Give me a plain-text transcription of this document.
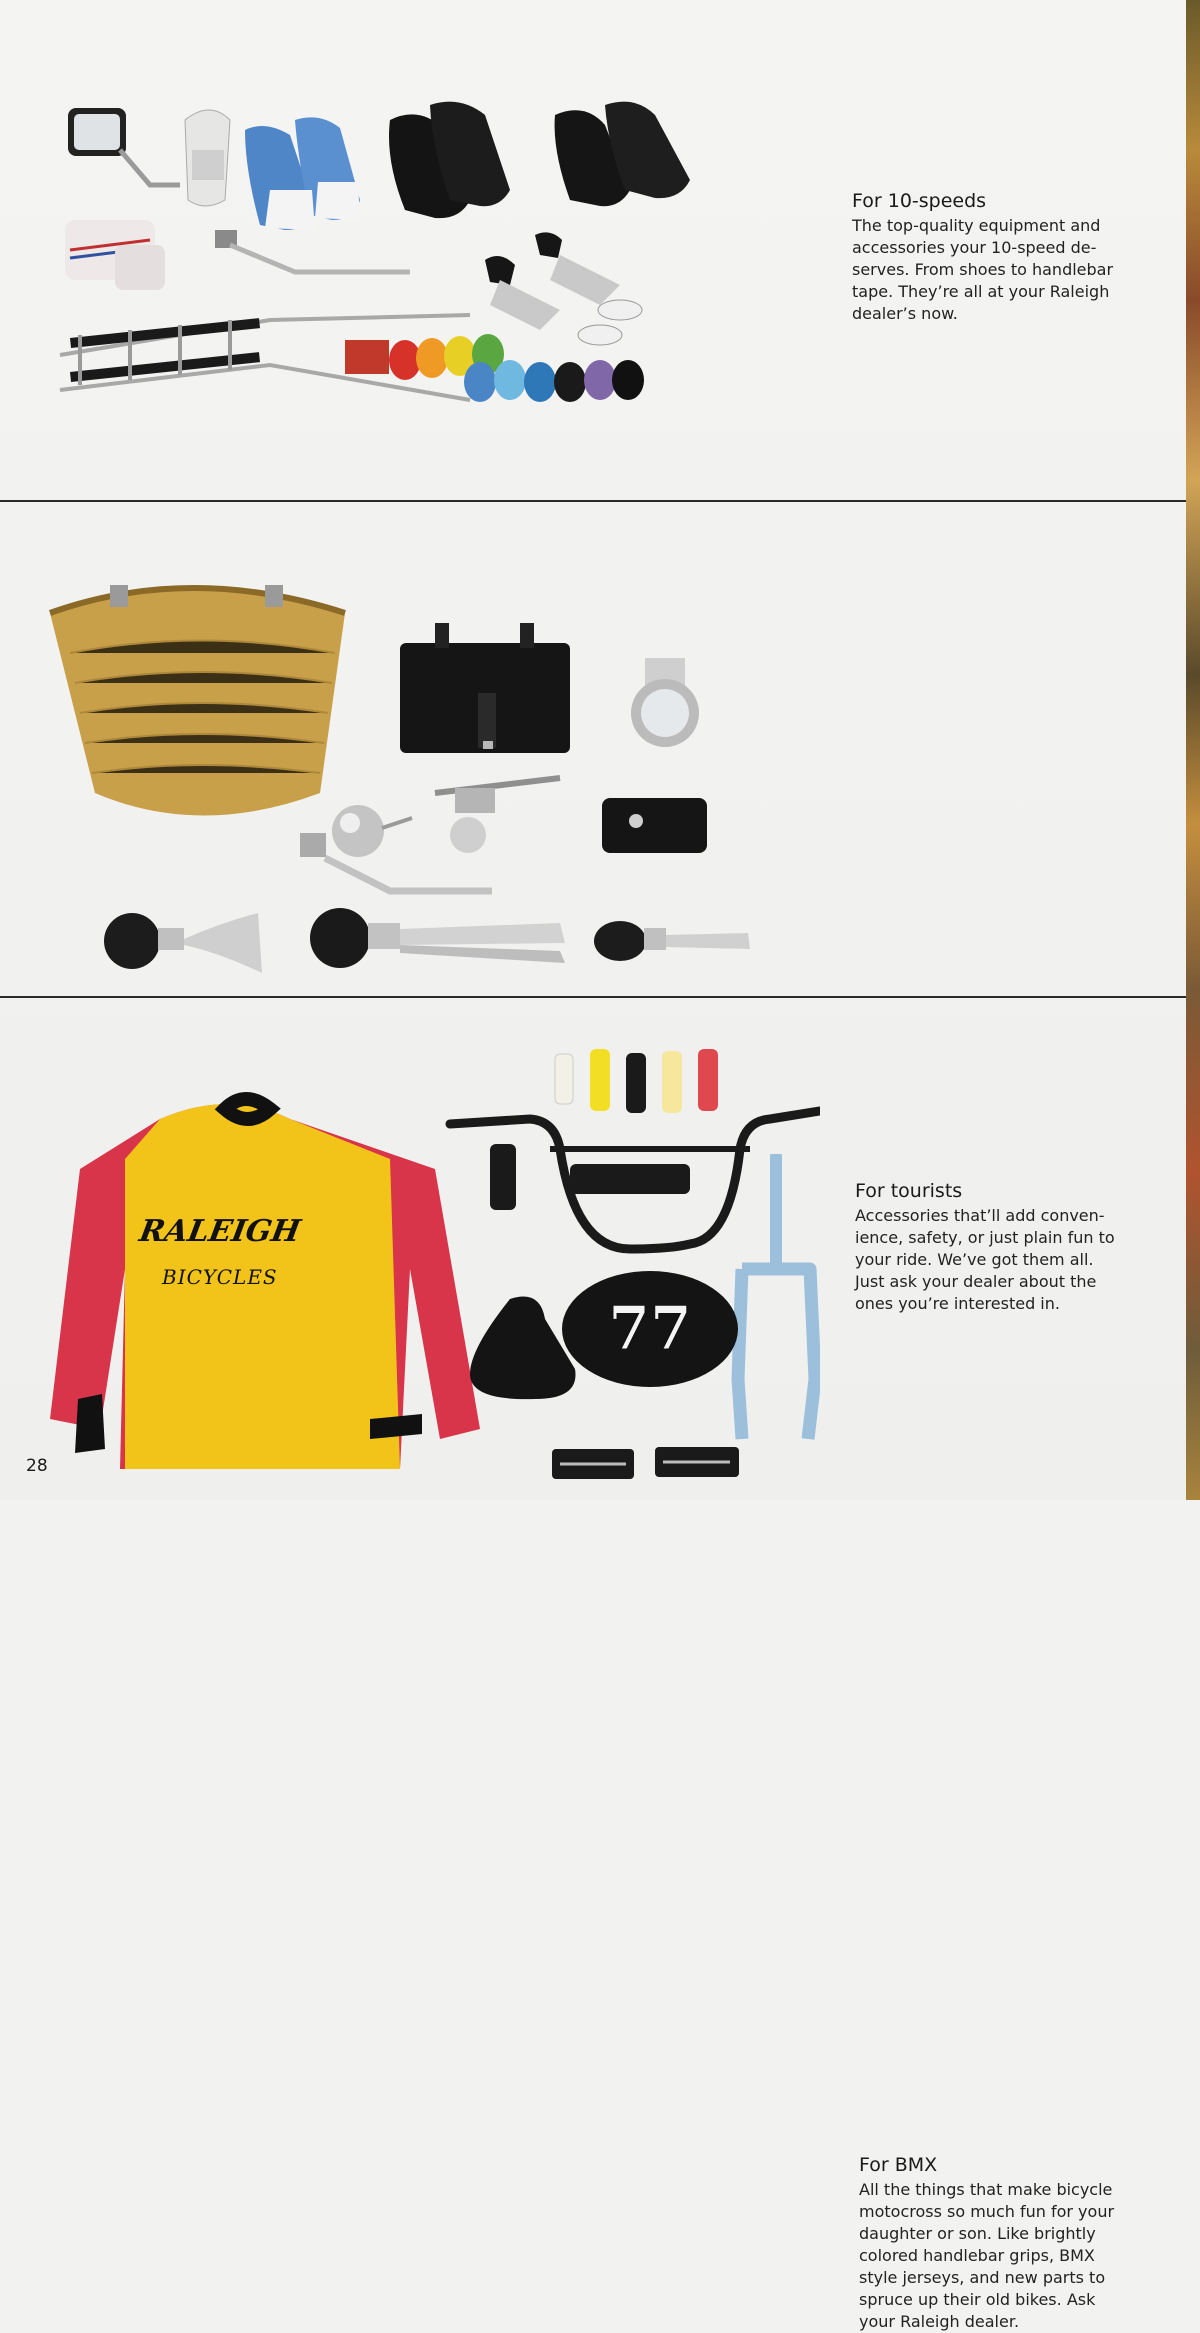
For 10-speeds

The top-quality equipment and
accessories your 10-speed de-
serves. From shoes to handlebar
tape. They’re all at your Raleigh
dealer’s now.

For tourists

Accessories that’ll add conven-
ience, safety, or just plain fun to
your ride. We’ve got them all.
Just ask your dealer about the
ones you’re interested in.

RALEIGH
BICYCLES
77
For BMX

All the things that make bicycle
motocross so much fun for your
daughter or son. Like brightly
colored handlebar grips, BMX
style jerseys, and new parts to
spruce up their old bikes. Ask
your Raleigh dealer.

28
